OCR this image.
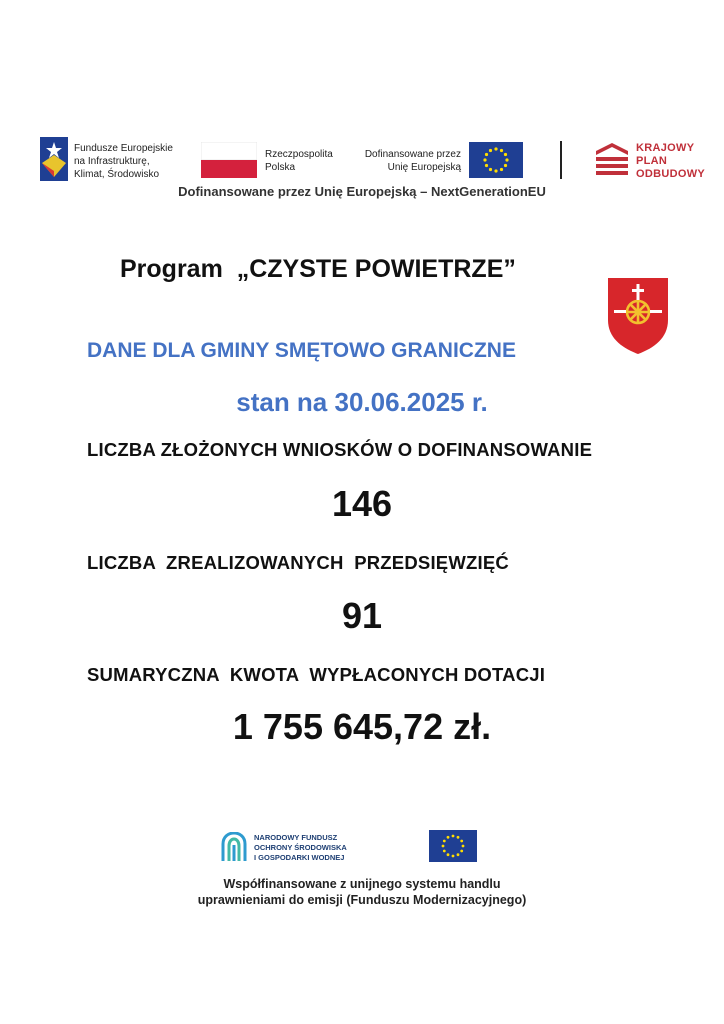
Fundusze Europejskie
na Infrastrukturę,
Klimat, Środowisko
Rzeczpospolita
Polska
Dofinansowane przez
Unię Europejską
KRAJOWY
PLAN
ODBUDOWY
Dofinansowane przez Unię Europejską – NextGenerationEU
Program  „CZYSTE POWIETRZE”
DANE DLA GMINY SMĘTOWO GRANICZNE
stan na 30.06.2025 r.
LICZBA ZŁOŻONYCH WNIOSKÓW O DOFINANSOWANIE
146
LICZBA  ZREALIZOWANYCH  PRZEDSIĘWZIĘĆ
91
SUMARYCZNA  KWOTA  WYPŁACONYCH DOTACJI
1 755 645,72 zł.
NARODOWY FUNDUSZ
OCHRONY ŚRODOWISKA
I GOSPODARKI WODNEJ
Współfinansowane z unijnego systemu handlu
uprawnieniami do emisji (Funduszu Modernizacyjnego)
